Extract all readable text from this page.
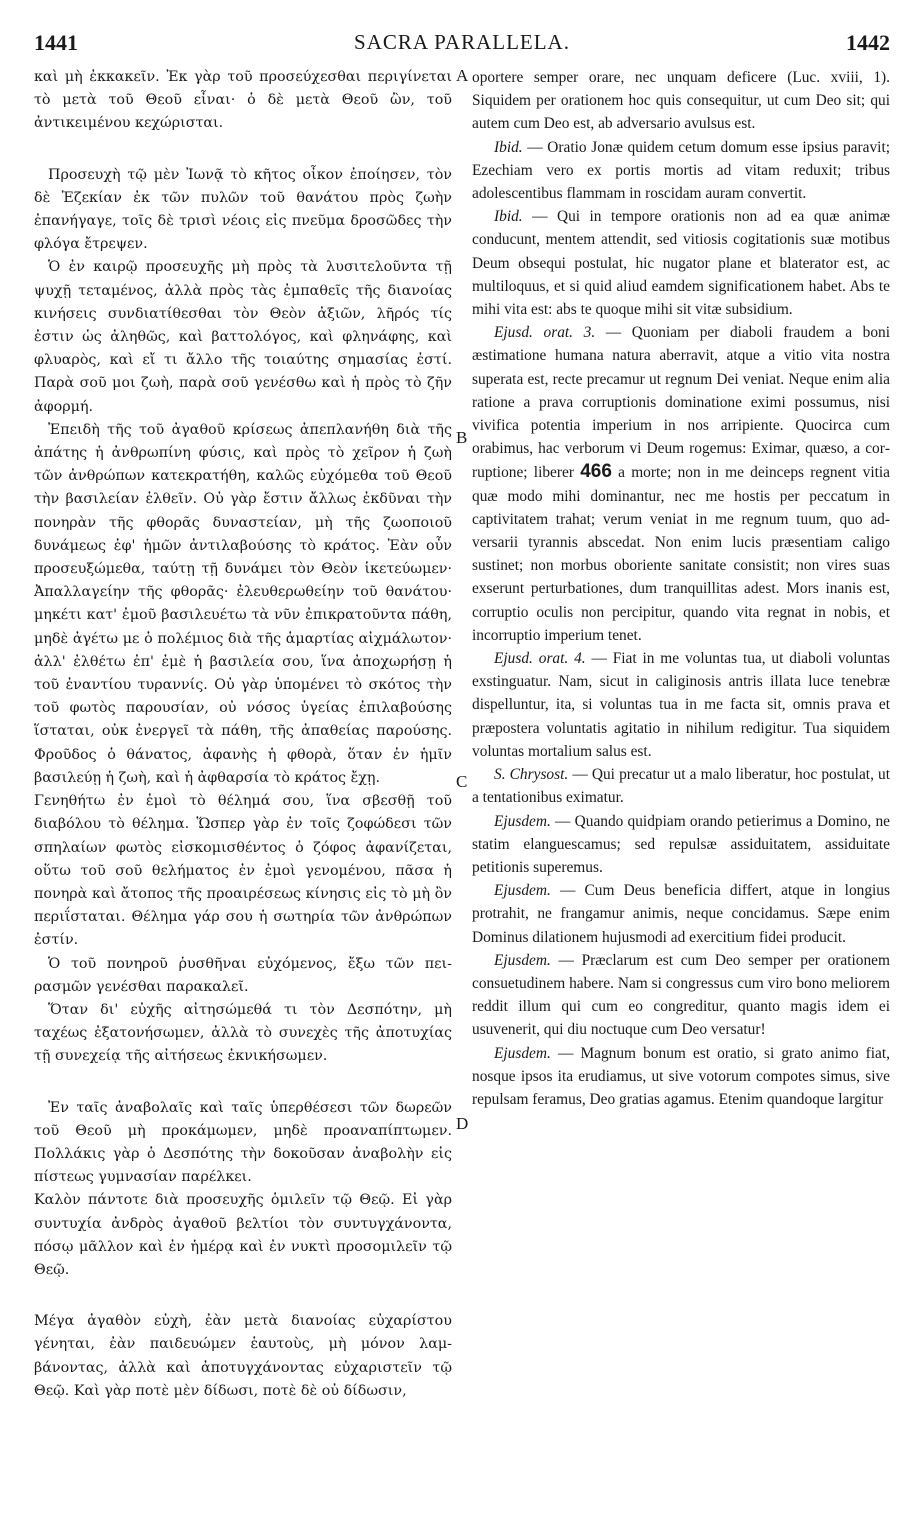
1441	SACRA PARALLELA.	1442

καὶ μὴ ἐκκακεῖν. Ἐκ γὰρ τοῦ προσεύχεσθαι περιγίνεται τὸ μετὰ τοῦ Θεοῦ εἶναι· ὁ δὲ μετὰ Θεοῦ ὢν, τοῦ ἀντικειμένου κεχώρισται.

Προσευχὴ τῷ μὲν Ἰωνᾷ τὸ κῆτος οἶκον ἐποίησεν, τὸν δὲ Ἐζεκίαν ἐκ τῶν πυλῶν τοῦ θανάτου πρὸς ζωὴν ἐπανήγαγε, τοῖς δὲ τρισὶ νέοις εἰς πνεῦμα δροσῶδες τὴν φλόγα ἔτρεψεν.

Ὁ ἐν καιρῷ προσευχῆς μὴ πρὸς τὰ λυσιτελοῦντα τῇ ψυχῇ τεταμένος, ἀλλὰ πρὸς τὰς ἐμπαθεῖς τῆς διανοίας κινήσεις συνδιατίθεσθαι τὸν Θεὸν ἀξιῶν, λῆρός τίς ἐστιν ὡς ἀληθῶς, καὶ βαττολόγος, καὶ φληνάφης, καὶ φλυαρὸς, καὶ εἴ τι ἄλλο τῆς τοιαύτης σημασίας ἐστί. Παρὰ σοῦ μοι ζωὴ, παρὰ σοῦ γενέσθω καὶ ἡ πρὸς τὸ ζῆν ἀφορμή.

Ἐπειδὴ τῆς τοῦ ἀγαθοῦ κρίσεως ἀπεπλανήθη διὰ τῆς ἀπάτης ἡ ἀνθρωπίνη φύσις, καὶ πρὸς τὸ χεῖρον ἡ ζωὴ τῶν ἀνθρώπων κατεκρατήθη, καλῶς εὐχόμεθα τοῦ Θεοῦ τὴν βασιλείαν ἐλθεῖν. Οὐ γὰρ ἔστιν ἄλλως ἐκδῦναι τὴν πονηρὰν τῆς φθορᾶς δυναστείαν, μὴ τῆς ζωοποιοῦ δυνάμεως ἐφ' ἡμῶν ἀντιλαβούσης τὸ κράτος. Ἐὰν οὖν προσευξώμεθα, ταύτῃ τῇ δυνάμει τὸν Θεὸν ἱκετεύωμεν· Ἀπαλλαγείην τῆς φθορᾶς· ἐλευθερωθείην τοῦ θανάτου· μηκέτι κατ' ἐμοῦ βασιλευέτω τὰ νῦν ἐπικρατοῦντα πάθη, μηδὲ ἀγέτω με ὁ πολέμιος διὰ τῆς ἁμαρτίας αἰχμάλωτον· ἀλλ' ἐλθέτω ἐπ' ἐμὲ ἡ βασιλεία σου, ἵνα ἀποχωρήσῃ ἡ τοῦ ἐναντίου τυραννίς. Οὐ γὰρ ὑπομένει τὸ σκότος τὴν τοῦ φωτὸς παρουσίαν, οὐ νόσος ὑγείας ἐπιλαβούσης ἵσταται, οὐκ ἐνεργεῖ τὰ πάθη, τῆς ἀπαθείας παρούσης. Φροῦδος ὁ θάνατος, ἀφανὴς ἡ φθορὰ, ὅταν ἐν ἡμῖν βασιλεύῃ ἡ ζωὴ, καὶ ἡ ἀφθαρσία τὸ κράτος ἔχῃ.

Γενηθήτω ἐν ἐμοὶ τὸ θέλημά σου, ἵνα σβεσθῇ τοῦ διαβόλου τὸ θέλημα. Ὥσπερ γὰρ ἐν τοῖς ζοφώδεσι τῶν σπηλαίων φωτὸς εἰσκομισθέντος ὁ ζόφος ἀφανίζεται, οὕτω τοῦ σοῦ θελήματος ἐν ἐμοὶ γενομένου, πᾶσα ἡ πονηρὰ καὶ ἄτοπος τῆς προαιρέσεως κίνησις εἰς τὸ μὴ ὂν περιΐσταται. Θέλημα γάρ σου ἡ σωτηρία τῶν ἀνθρώπων ἐστίν.

Ὁ τοῦ πονηροῦ ῥυσθῆναι εὐχόμενος, ἔξω τῶν πειρασμῶν γενέσθαι παρακαλεῖ.

Ὅταν δι' εὐχῆς αἰτησώμεθά τι τὸν Δεσπότην, μὴ ταχέως ἐξατονήσωμεν, ἀλλὰ τὸ συνεχὲς τῆς ἀποτυχίας τῇ συνεχείᾳ τῆς αἰτήσεως ἐκνικήσωμεν.

Ἐν ταῖς ἀναβολαῖς καὶ ταῖς ὑπερθέσεσι τῶν δωρεῶν τοῦ Θεοῦ μὴ προκάμωμεν, μηδὲ προαναπίπτωμεν. Πολλάκις γὰρ ὁ Δεσπότης τὴν δοκοῦσαν ἀναβολὴν εἰς πίστεως γυμνασίαν παρέλκει.

Καλὸν πάντοτε διὰ προσευχῆς ὁμιλεῖν τῷ Θεῷ. Εἰ γὰρ συντυχία ἀνδρὸς ἀγαθοῦ βελτίοι τὸν συντυγχάνοντα, πόσῳ μᾶλλον καὶ ἐν ἡμέρᾳ καὶ ἐν νυκτὶ προσομιλεῖν τῷ Θεῷ.

Μέγα ἀγαθὸν εὐχὴ, ἐὰν μετὰ διανοίας εὐχαρίστου γένηται, ἐὰν παιδευώμεν ἑαυτοὺς, μὴ μόνον λαμβάνοντας, ἀλλὰ καὶ ἀποτυγχάνοντας εὐχαριστεῖν τῷ Θεῷ. Καὶ γὰρ ποτὲ μὲν δίδωσι, ποτὲ δὲ οὐ δίδωσιν,

oportere semper orare, nec unquam deficere (Luc. xviii, 1). Siquidem per orationem hoc quis consequitur, ut cum Deo sit; qui autem cum Deo est, ab adversario avulsus est.

Ibid. — Oratio Jonæ quidem cetum domum esse ipsius paravit; Ezechiam vero ex portis mortis ad vitam reduxit; tribus adolescentibus flammam in roscidam auram convertit.

Ibid. — Qui in tempore orationis non ad ea quæ animæ conducunt, mentem attendit, sed vitiosis cogitationis suæ motibus Deum obsequi postulat, hic nugator plane et blaterator est, ac multiloquus, et si quid aliud eamdem significationem habet. Abs te mihi vita est: abs te quoque mihi sit vitæ subsidium.

Ejusd. orat. 3. — Quoniam per diaboli fraudem a boni æstimatione humana natura aberravit, atque a vitio vita nostra superata est, recte precamur ut regnum Dei veniat. Neque enim alia ratione a prava corruptionis dominatione eximi possumus, nisi vivifica potentia imperium in nos arripiente. Quocirca cum orabimus, hac verborum vi Deum rogemus: Eximar, quæso, a corruptione; liberer 466 a morte; non in me deinceps regnent vitia quæ modo mihi dominantur, nec me hostis per peccatum in captivitatem trahat; verum veniat in me regnum tuum, quo adversarii tyrannis abscedat. Non enim lucis præsentiam caligo sustinet; non morbus oboriente sanitate consistit; non vires suas exserunt perturbationes, dum tranquillitas adest. Mors inanis est, corruptio oculis non percipitur, quando vita regnat in nobis, et incorruptio imperium tenet.

Ejusd. orat. 4. — Fiat in me voluntas tua, ut diaboli voluntas exstinguatur. Nam, sicut in caliginosis antris illata luce tenebræ dispelluntur, ita, si voluntas tua in me facta sit, omnis prava et præpostera voluntatis agitatio in nihilum redigitur. Tua siquidem voluntas mortalium salus est.

S. Chrysost. — Qui precatur ut a malo liberatur, hoc postulat, ut a tentationibus eximatur.

Ejusdem. — Quando quidpiam orando petierimus a Domino, ne statim elanguescamus; sed repulsæ assiduitatem, assiduitate petitionis superemus.

Ejusdem. — Cum Deus beneficia differt, atque in longius protrahit, ne frangamur animis, neque concidamus. Sæpe enim Dominus dilationem hujusmodi ad exercitium fidei producit.

Ejusdem. — Præclarum est cum Deo semper per orationem consuetudinem habere. Nam si congressus cum viro bono meliorem reddit illum qui cum eo congreditur, quanto magis idem ei usuvenerit, qui diu noctuque cum Deo versatur!

Ejusdem. — Magnum bonum est oratio, si grato animo fiat, nosque ipsos ita erudiamus, ut sive votorum compotes simus, sive repulsam feramus, Deo gratias agamus. Etenim quandoque largitur

A
B
C
D
